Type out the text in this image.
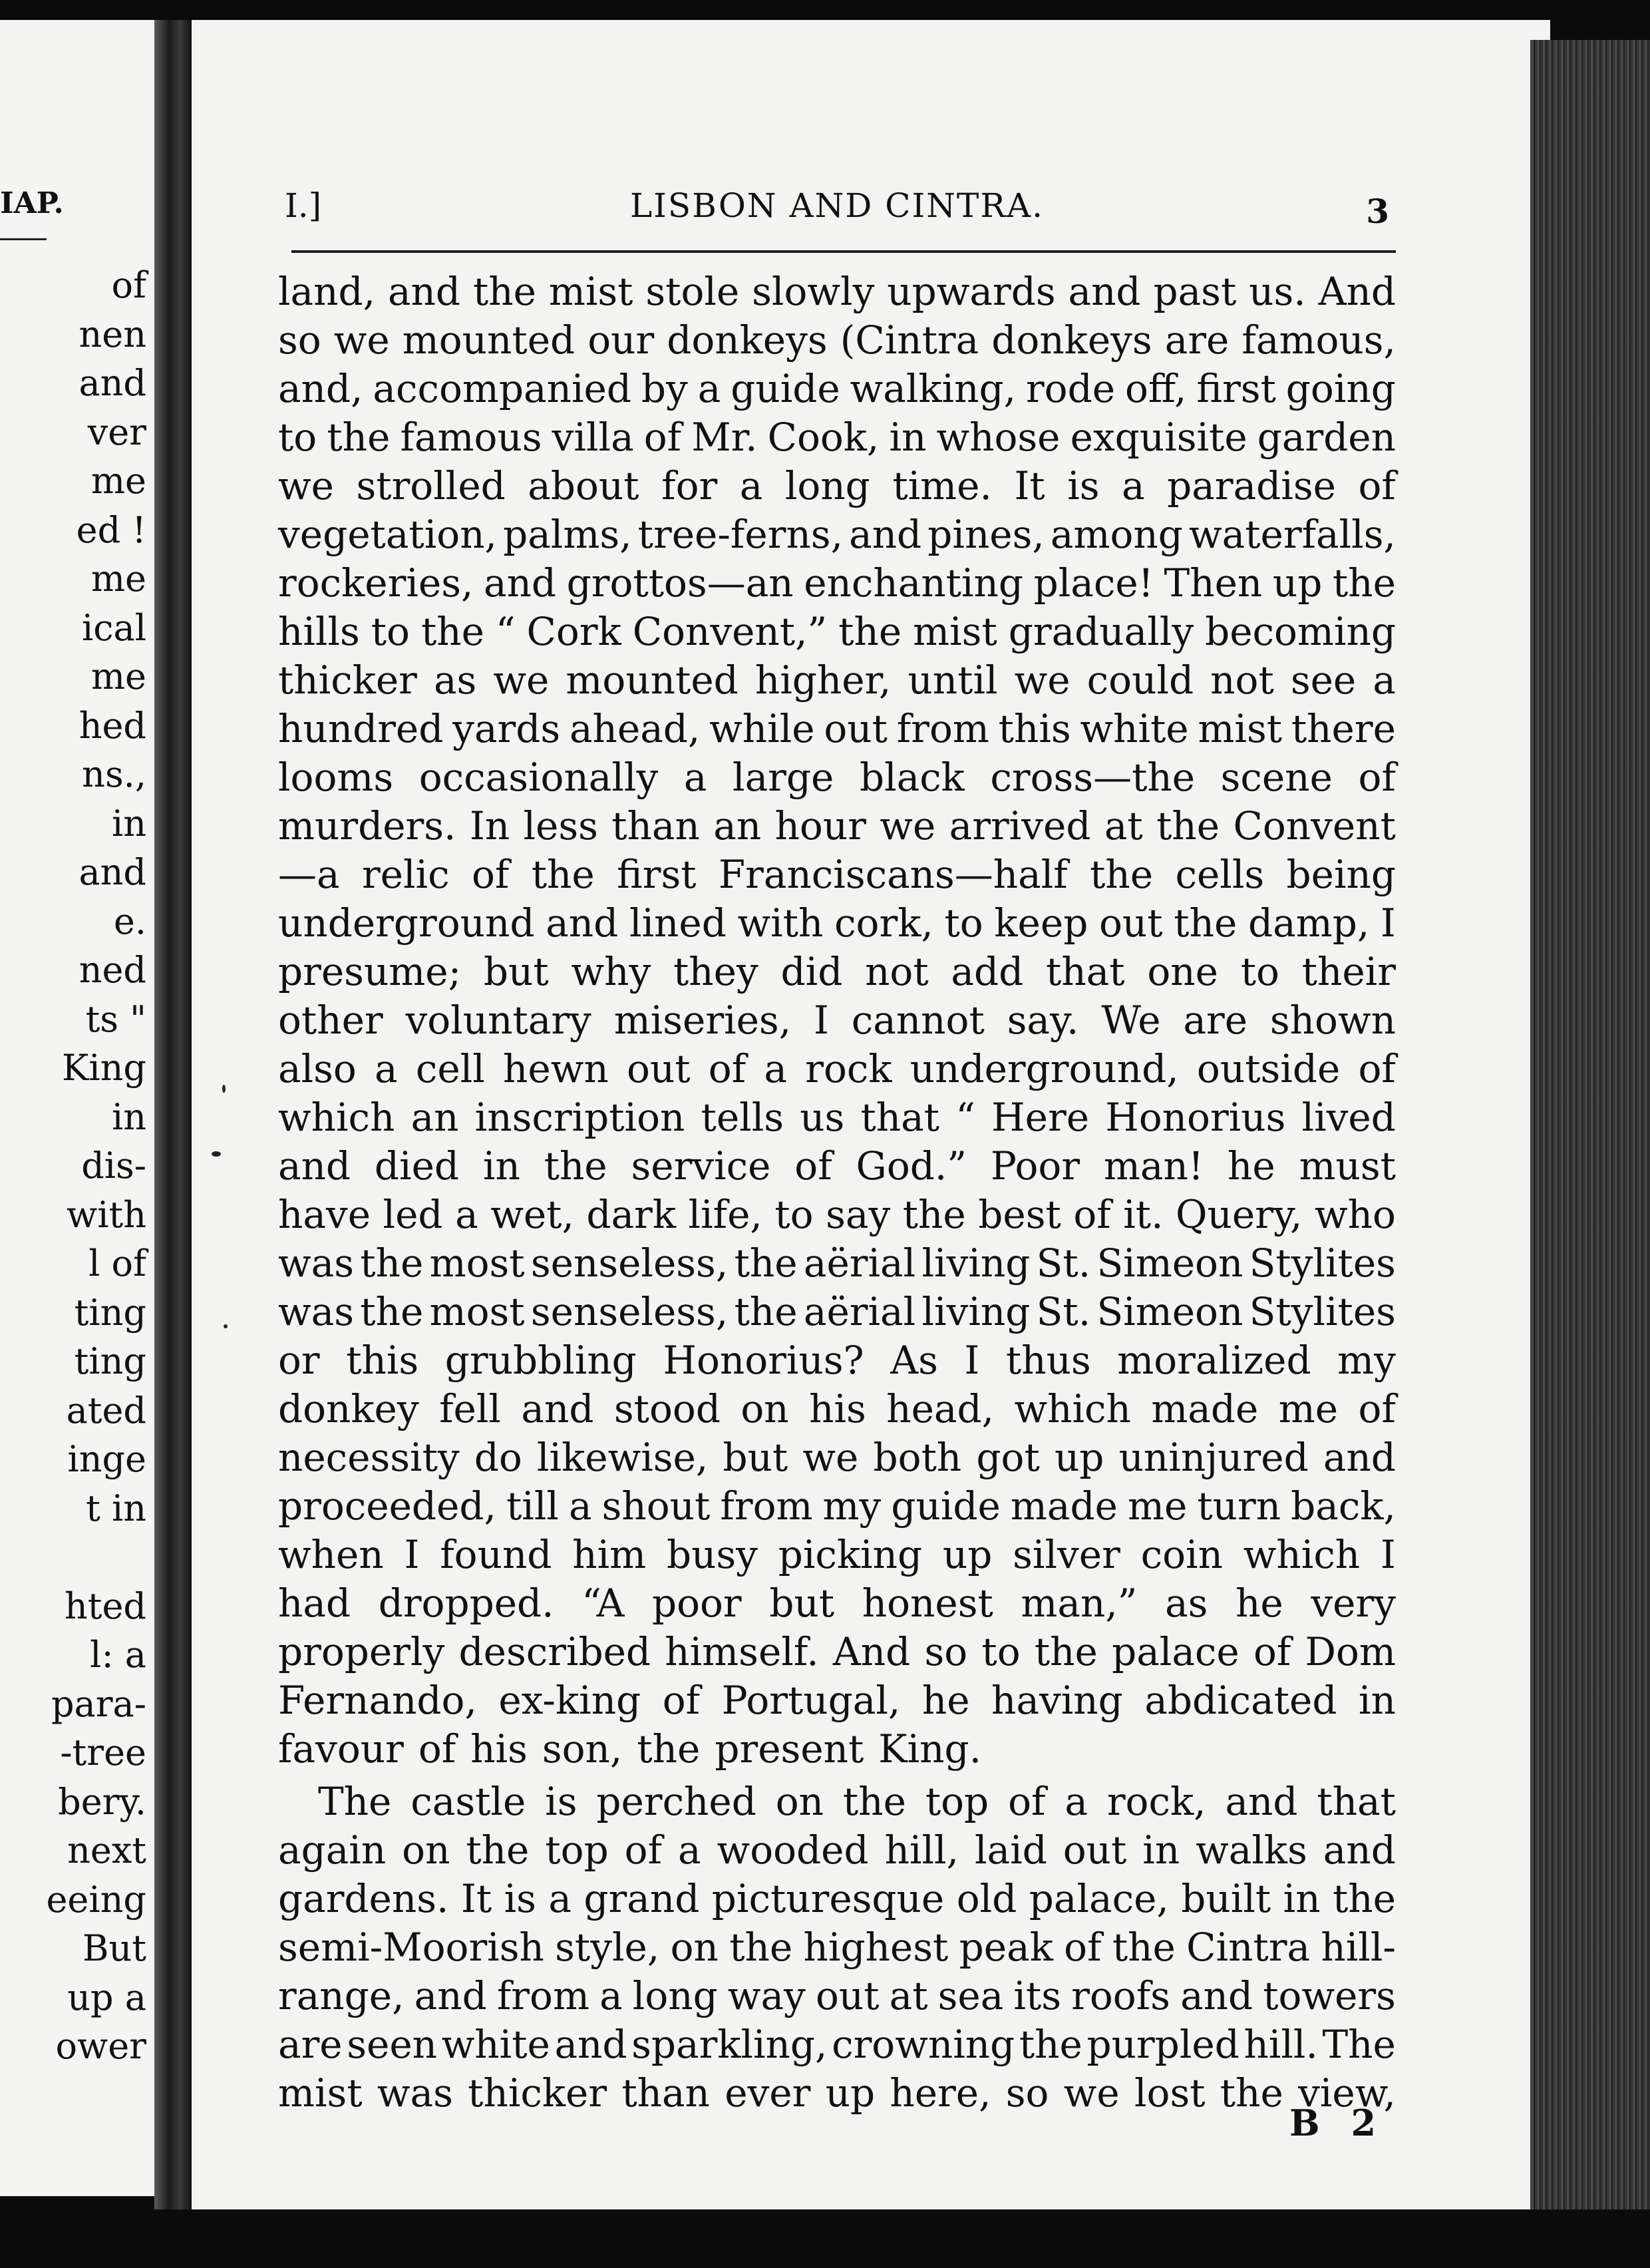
IAP.
of
nen
and
ver
me
ed !
me
ical
me
hed
ns.,
in
and
e.
ned
ts "
King
in
dis-
with
l of
ting
ting
ated
inge
t in
hted
l: a
para-
-tree
bery.
next
eeing
But
up a
ower
I.]	LISBON AND CINTRA.	3
land, and the mist stole slowly upwards and past us. And
so we mounted our donkeys (Cintra donkeys are famous,
and, accompanied by a guide walking, rode off, first going
to the famous villa of Mr. Cook, in whose exquisite garden
we strolled about for a long time. It is a paradise of
vegetation, palms, tree-ferns, and pines, among waterfalls,
rockeries, and grottos—an enchanting place! Then up the
hills to the “ Cork Convent,” the mist gradually becoming
thicker as we mounted higher, until we could not see a
hundred yards ahead, while out from this white mist there
looms occasionally a large black cross—the scene of
murders. In less than an hour we arrived at the Convent
—a relic of the first Franciscans—half the cells being
underground and lined with cork, to keep out the damp, I
presume; but why they did not add that one to their
other voluntary miseries, I cannot say. We are shown
also a cell hewn out of a rock underground, outside of
which an inscription tells us that “ Here Honorius lived
and died in the service of God.” Poor man! he must
have led a wet, dark life, to say the best of it. Query, who
was the most senseless, the aërial living St. Simeon Stylites
was the most senseless, the aërial living St. Simeon Stylites
or this grubbling Honorius? As I thus moralized my
donkey fell and stood on his head, which made me of
necessity do likewise, but we both got up uninjured and
proceeded, till a shout from my guide made me turn back,
when I found him busy picking up silver coin which I
had dropped. “A poor but honest man,” as he very
properly described himself. And so to the palace of Dom
Fernando, ex-king of Portugal, he having abdicated in
favour of his son, the present King.
The castle is perched on the top of a rock, and that
again on the top of a wooded hill, laid out in walks and
gardens. It is a grand picturesque old palace, built in the
semi-Moorish style, on the highest peak of the Cintra hill-
range, and from a long way out at sea its roofs and towers
are seen white and sparkling, crowning the purpled hill. The
mist was thicker than ever up here, so we lost the view,
B 2
